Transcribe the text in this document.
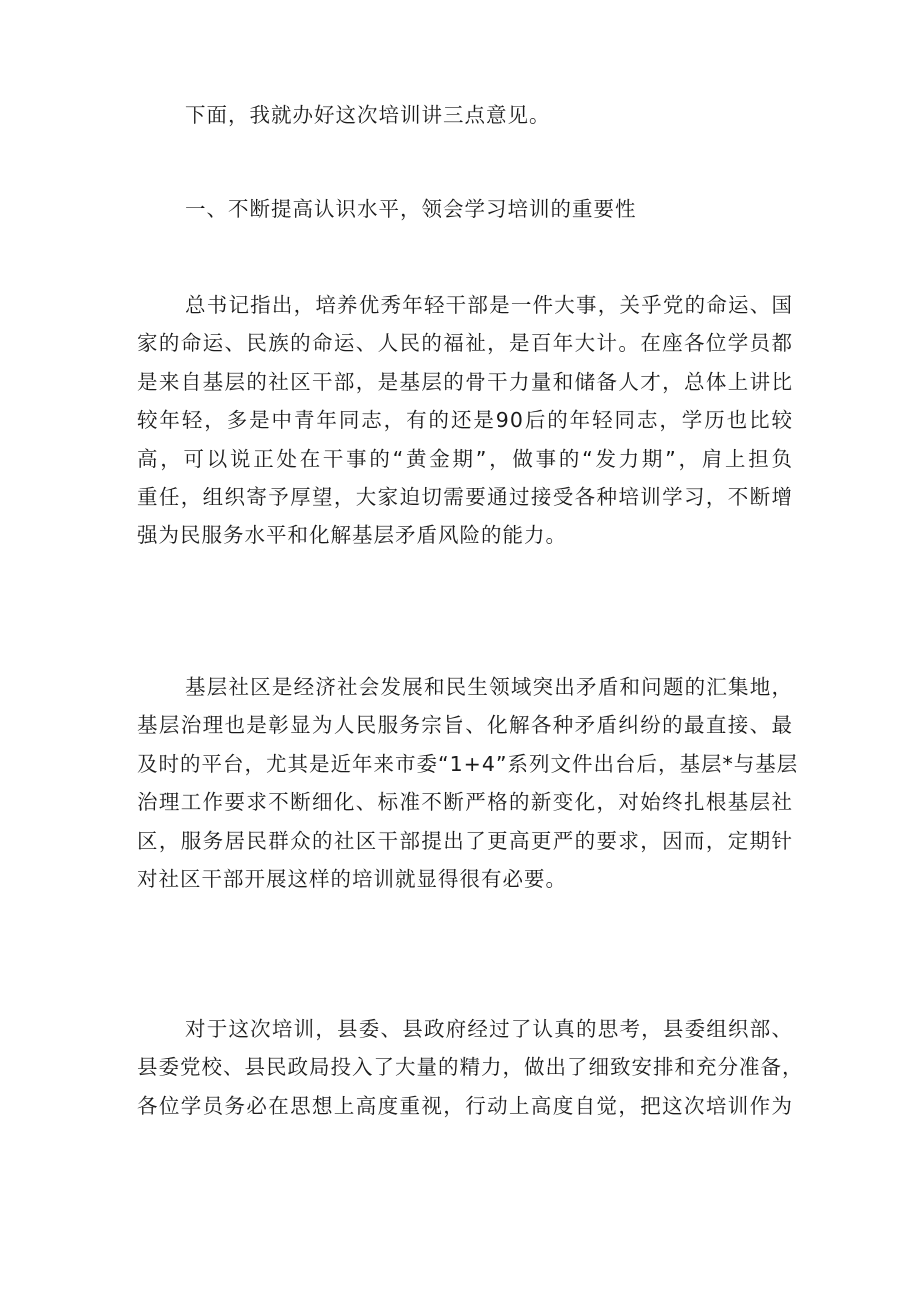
下面，我就办好这次培训讲三点意见。

一、不断提高认识水平，领会学习培训的重要性

总书记指出，培养优秀年轻干部是一件大事，关乎党的命运、国
家的命运、民族的命运、人民的福祉，是百年大计。在座各位学员都
是来自基层的社区干部，是基层的骨干力量和储备人才，总体上讲比
较年轻，多是中青年同志，有的还是90后的年轻同志，学历也比较
高，可以说正处在干事的“黄金期”，做事的“发力期”，肩上担负
重任，组织寄予厚望，大家迫切需要通过接受各种培训学习，不断增
强为民服务水平和化解基层矛盾风险的能力。
基层社区是经济社会发展和民生领域突出矛盾和问题的汇集地，
基层治理也是彰显为人民服务宗旨、化解各种矛盾纠纷的最直接、最
及时的平台，尤其是近年来市委“1+4”系列文件出台后，基层*与基层
治理工作要求不断细化、标准不断严格的新变化，对始终扎根基层社
区，服务居民群众的社区干部提出了更高更严的要求，因而，定期针
对社区干部开展这样的培训就显得很有必要。
对于这次培训，县委、县政府经过了认真的思考，县委组织部、
县委党校、县民政局投入了大量的精力，做出了细致安排和充分准备，
各位学员务必在思想上高度重视，行动上高度自觉，把这次培训作为
